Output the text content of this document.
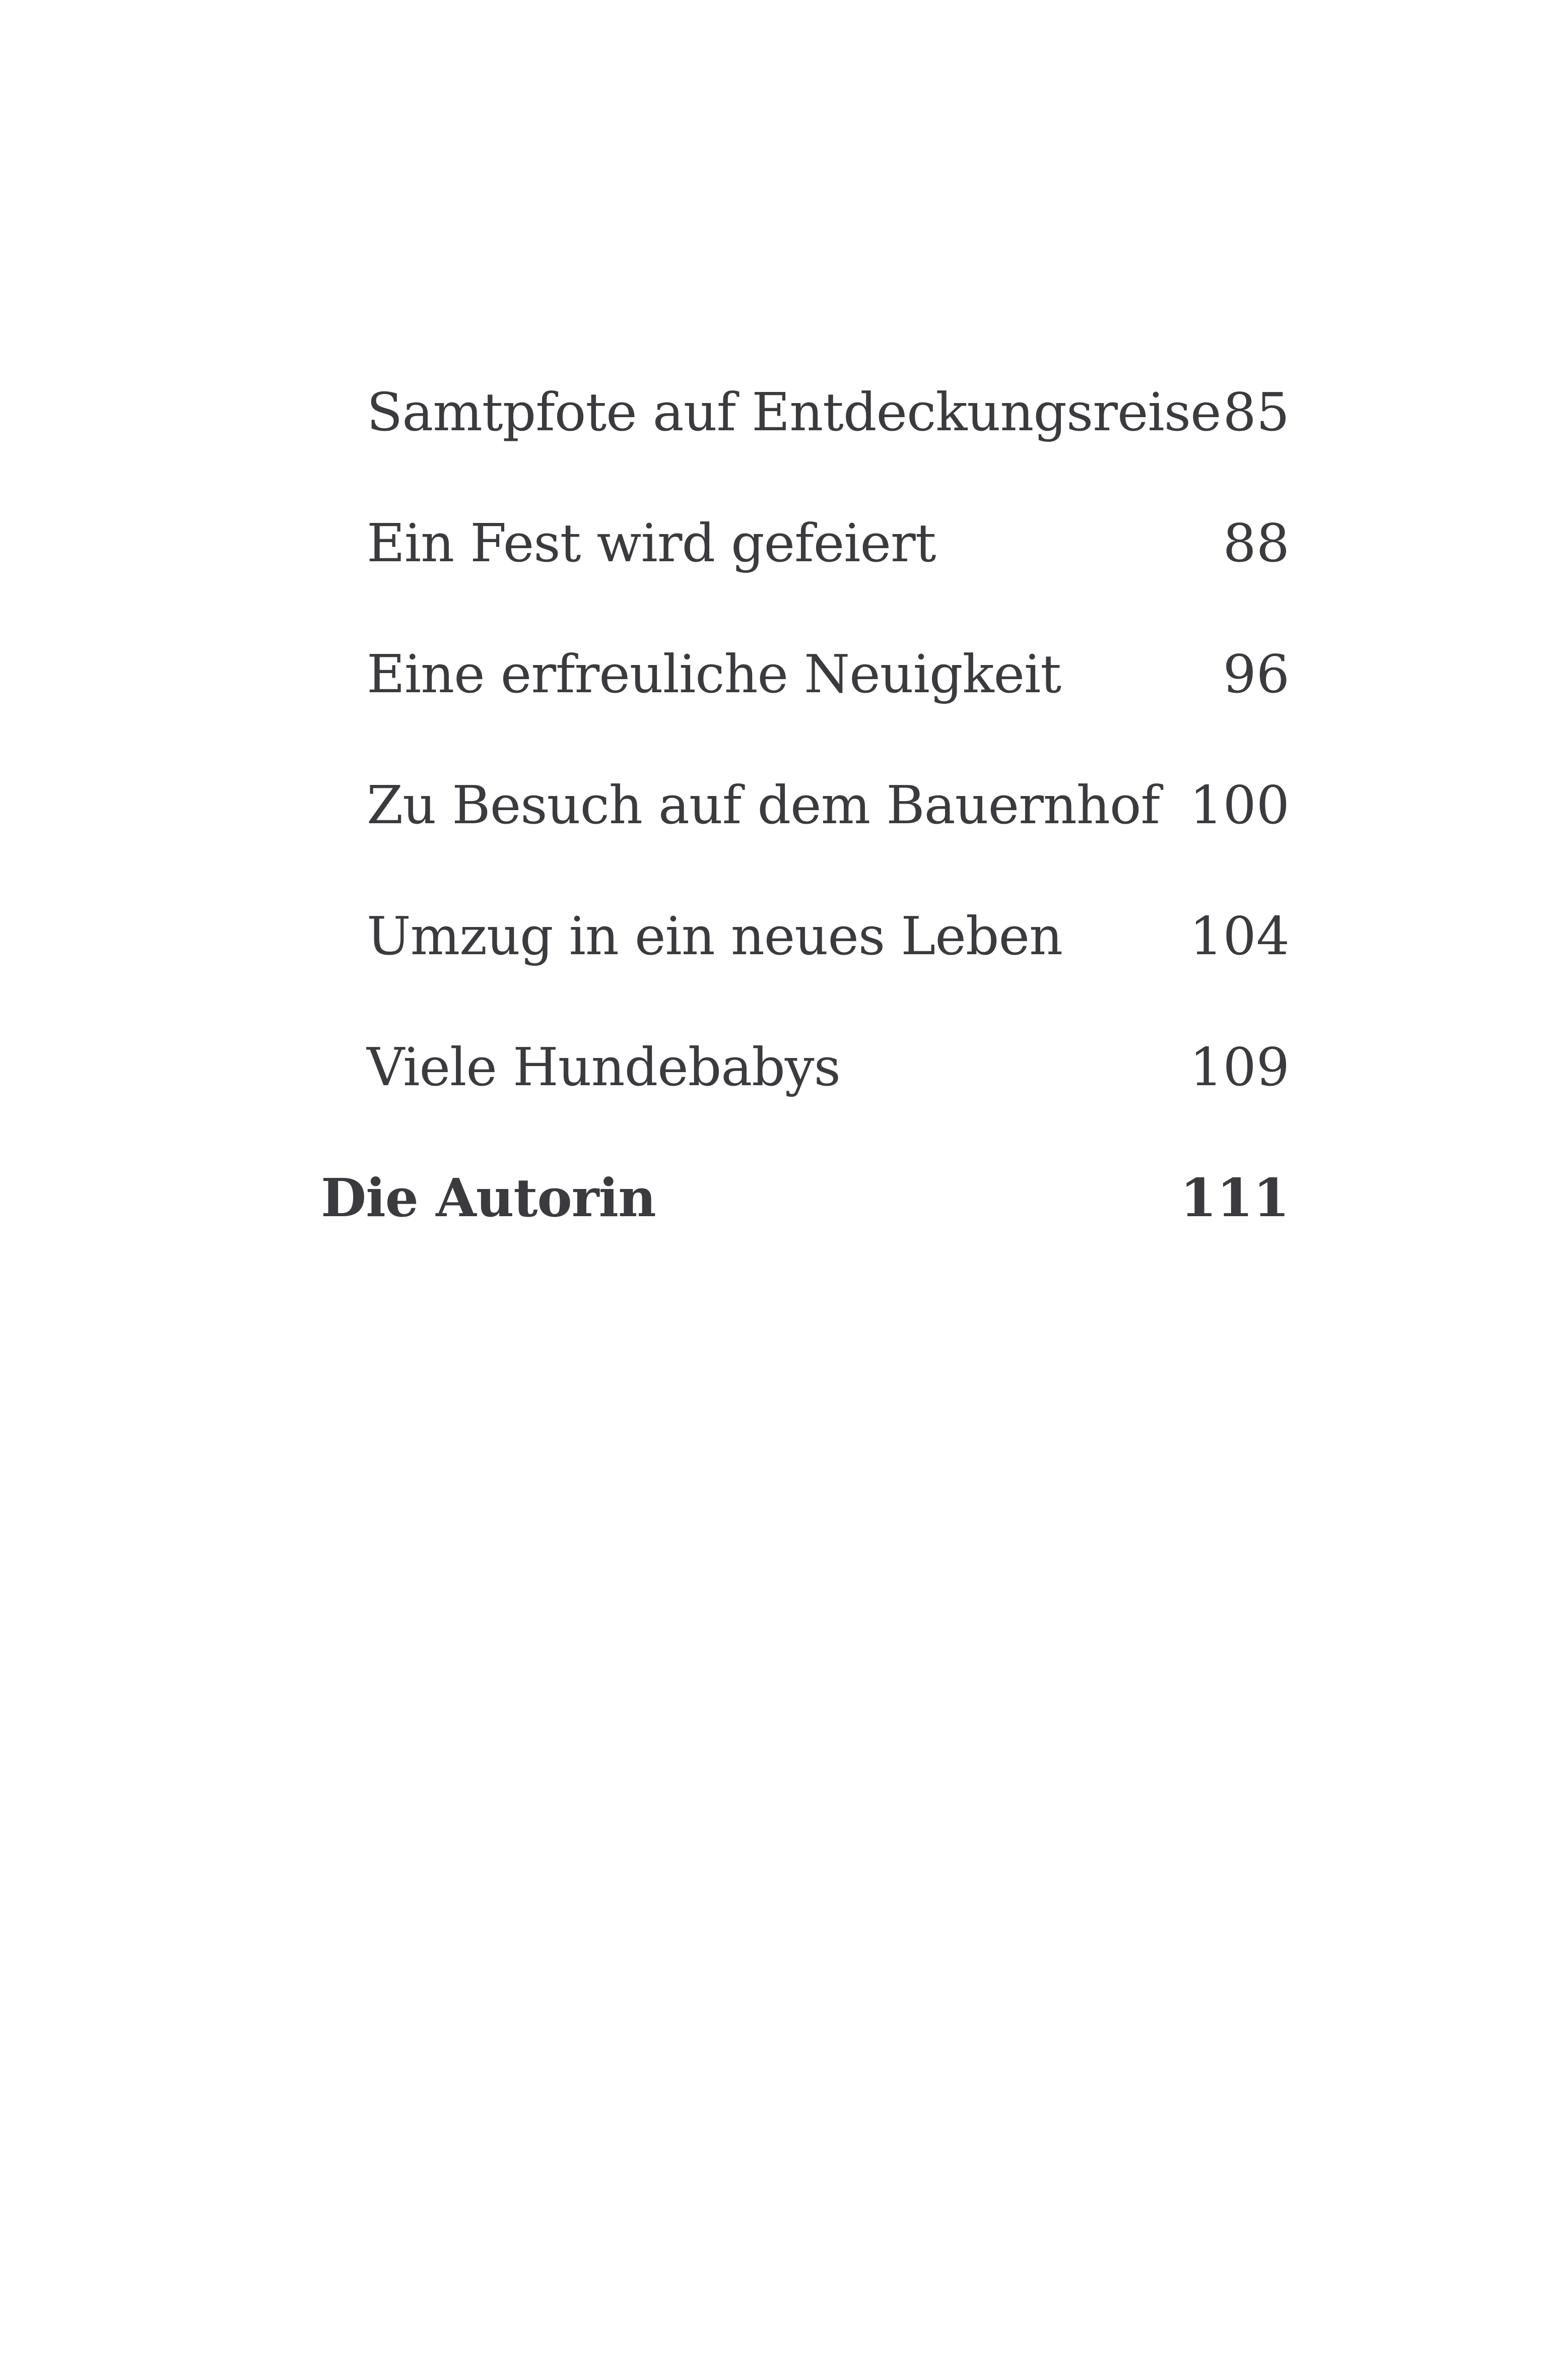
Samtpfote auf Entdeckungsreise 85
Ein Fest wird gefeiert	88
Eine erfreuliche Neuigkeit	96
Zu Besuch auf dem Bauernhof 100
Umzug in ein neues Leben 104
Viele Hundebabys	109
Die Autorin	111
